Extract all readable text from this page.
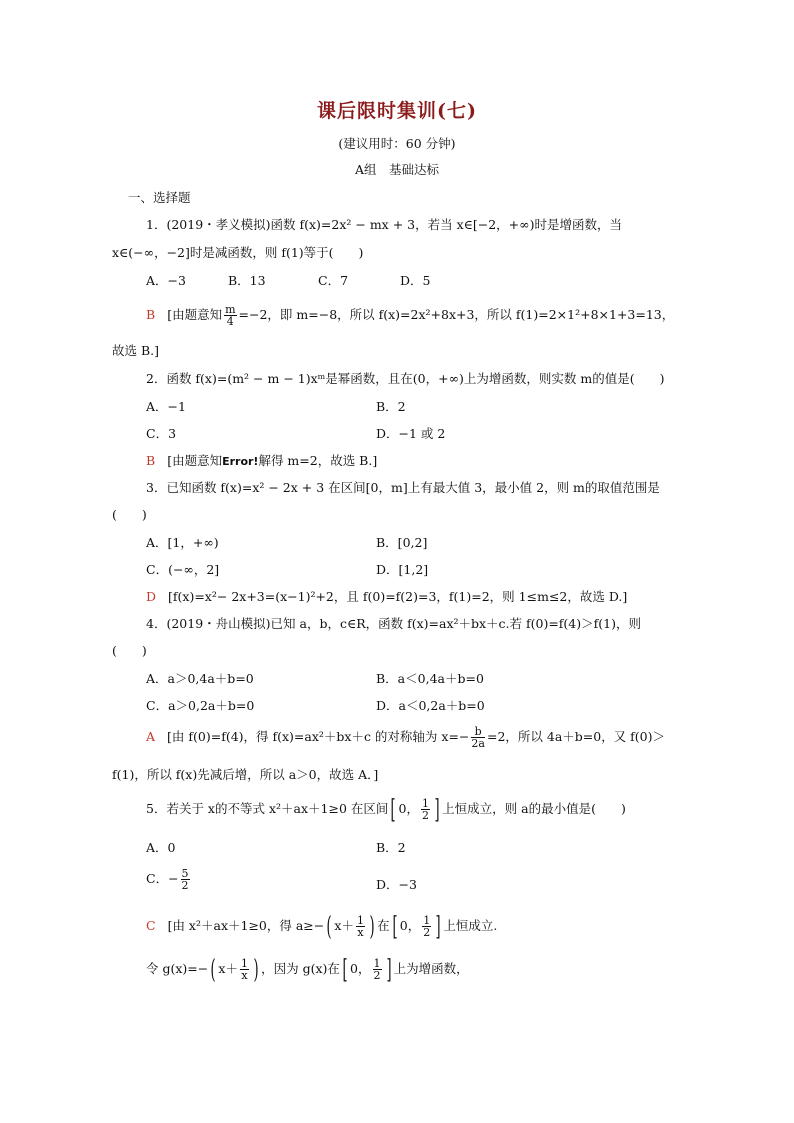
课后限时集训(七)
(建议用时：60 分钟)
A组　基础达标
一、选择题
1．(2019・孝义模拟)函数 f(x)=2x² − mx + 3，若当 x∈[−2，+∞)时是增函数，当
x∈(−∞，−2]时是减函数，则 f(1)等于(　　)
A．−3	B．13	C．7	D．5
B [由题意知 $\frac{m}{4} =-2$，即 m=−8，所以 f(x)=2x²+8x+3，所以 f(1)=2×1²+8×1+3=13，
故选 B.]
2．函数 f(x)=(m² − m − 1)xᵐ是幂函数，且在(0，+∞)上为增函数，则实数 m的值是(　　)
A．−1	B．2
C．3	D．−1 或 2
B [由题意知Error!解得 m=2，故选 B.]
3．已知函数 f(x)=x² − 2x + 3 在区间[0，m]上有最大值 3，最小值 2，则 m的取值范围是
(　　)
A．[1，+∞)	B．[0,2]
C．(−∞，2]	D．[1,2]
D [f(x)=x²− 2x+3=(x−1)²+2，且 f(0)=f(2)=3，f(1)=2，则 1≤m≤2，故选 D.]
4．(2019・舟山模拟)已知 a，b，c∈R，函数 f(x)=ax²＋bx＋c.若 f(0)=f(4)＞f(1)，则
(　　)
A．a＞0,4a＋b=0	B．a＜0,4a＋b=0
C．a＞0,2a＋b=0	D．a＜0,2a＋b=0
A [由 f(0)=f(4)，得 f(x)=ax²＋bx＋c 的对称轴为 $x=- \frac{b}{2a} =2$，所以 4a＋b=0，又 f(0)＞
f(1)，所以 f(x)先减后增，所以 a＞0，故选 A．]
5．若关于 x的不等式 x²＋ax＋1≥0 在区间[ 0， $\frac{1}{2}$ ] 上恒成立，则 a的最小值是(　　)
A．0	B．2
C．− $\frac{5}{2}$	D．−3
C [由 x²＋ax＋1≥0，得 a≥−( $x+ \frac{1}{x}$ ) 在[ 0， $\frac{1}{2}$ ] 上恒成立.
令 g(x)=−( $x+ \frac{1}{x}$ ) ，因为 g(x)在[ 0， $\frac{1}{2}$ ] 上为增函数，
